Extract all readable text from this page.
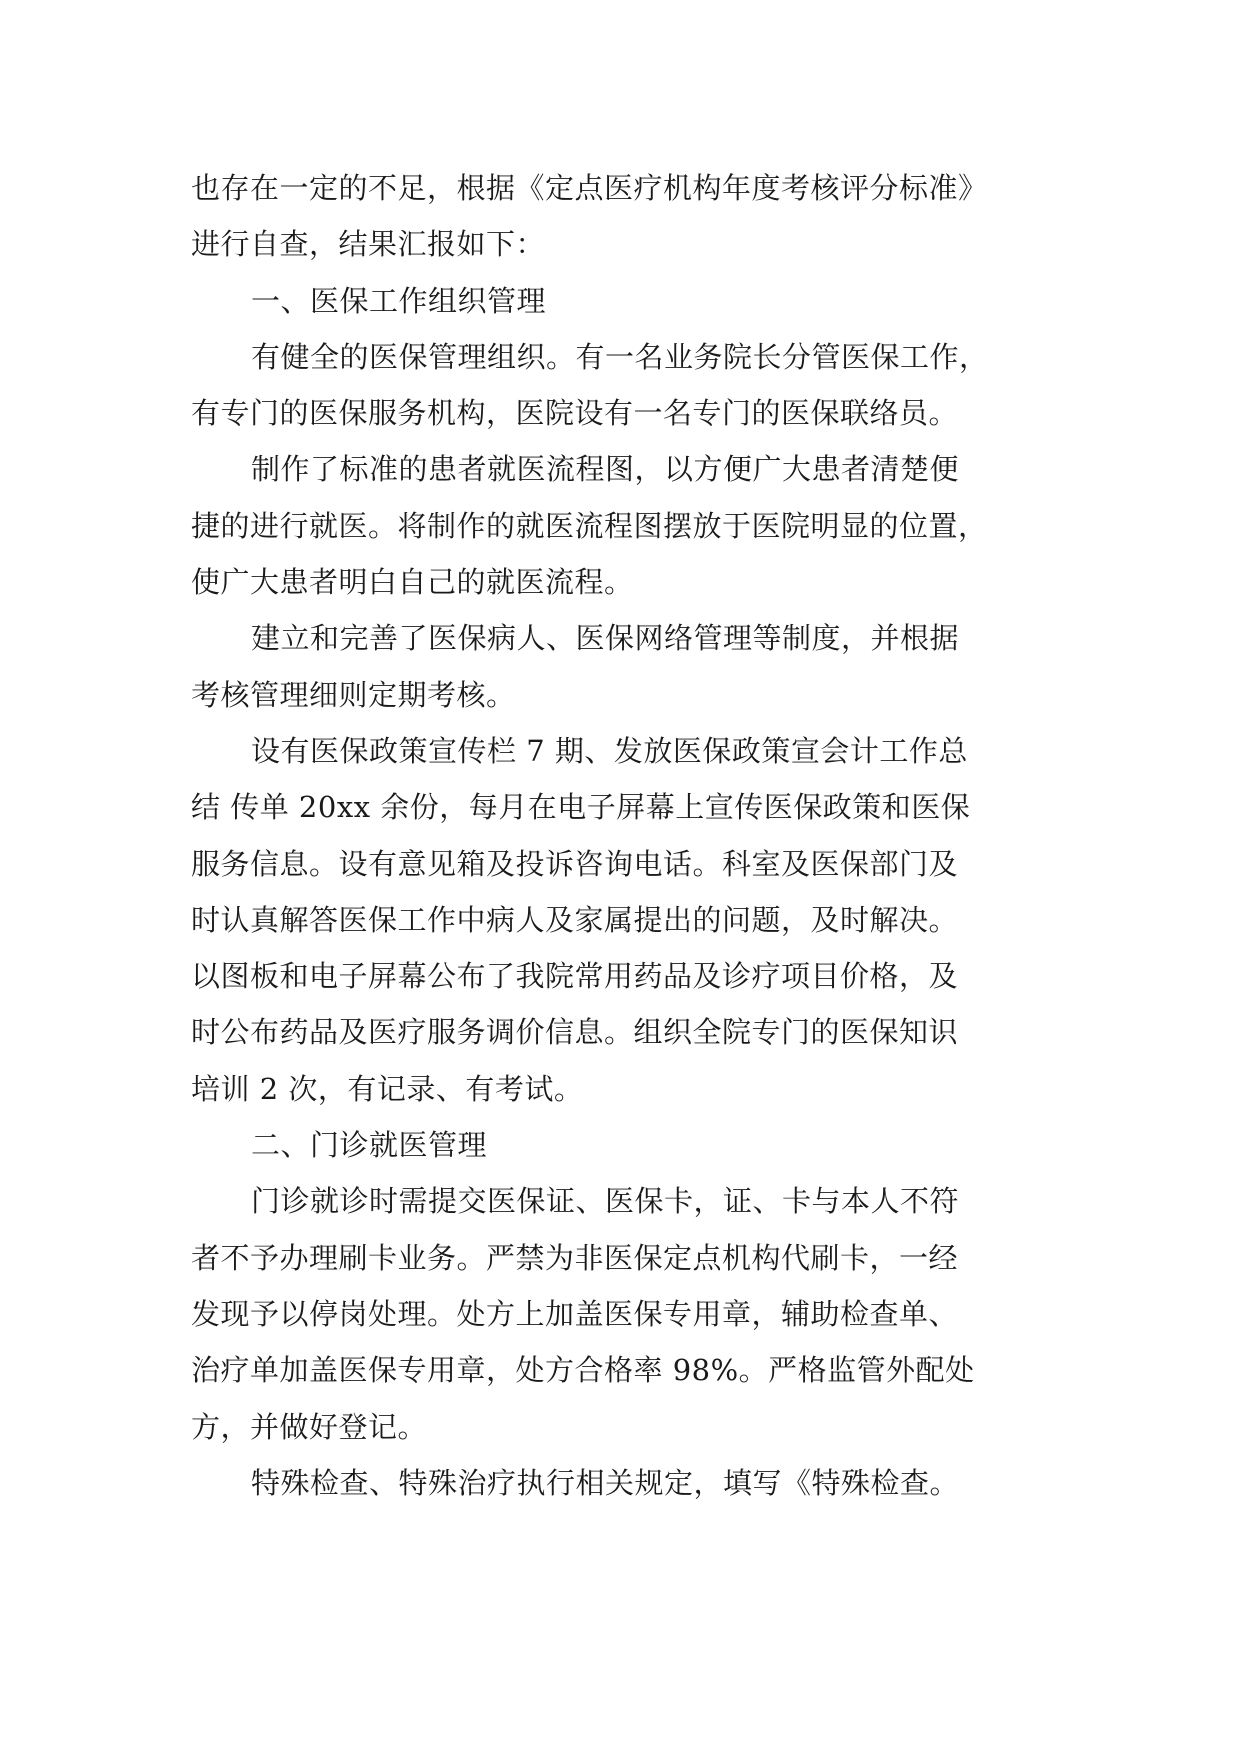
也存在一定的不足，根据《定点医疗机构年度考核评分标准》
进行自查，结果汇报如下：
一、医保工作组织管理
有健全的医保管理组织。有一名业务院长分管医保工作，
有专门的医保服务机构，医院设有一名专门的医保联络员。
制作了标准的患者就医流程图，以方便广大患者清楚便
捷的进行就医。将制作的就医流程图摆放于医院明显的位置，
使广大患者明白自己的就医流程。
建立和完善了医保病人、医保网络管理等制度，并根据
考核管理细则定期考核。
设有医保政策宣传栏 7 期、发放医保政策宣会计工作总
结 传单 20xx 余份，每月在电子屏幕上宣传医保政策和医保
服务信息。设有意见箱及投诉咨询电话。科室及医保部门及
时认真解答医保工作中病人及家属提出的问题，及时解决。
以图板和电子屏幕公布了我院常用药品及诊疗项目价格，及
时公布药品及医疗服务调价信息。组织全院专门的医保知识
培训 2 次，有记录、有考试。
二、门诊就医管理
门诊就诊时需提交医保证、医保卡，证、卡与本人不符
者不予办理刷卡业务。严禁为非医保定点机构代刷卡，一经
发现予以停岗处理。处方上加盖医保专用章，辅助检查单、
治疗单加盖医保专用章，处方合格率 98%。严格监管外配处
方，并做好登记。
特殊检查、特殊治疗执行相关规定，填写《特殊检查。
